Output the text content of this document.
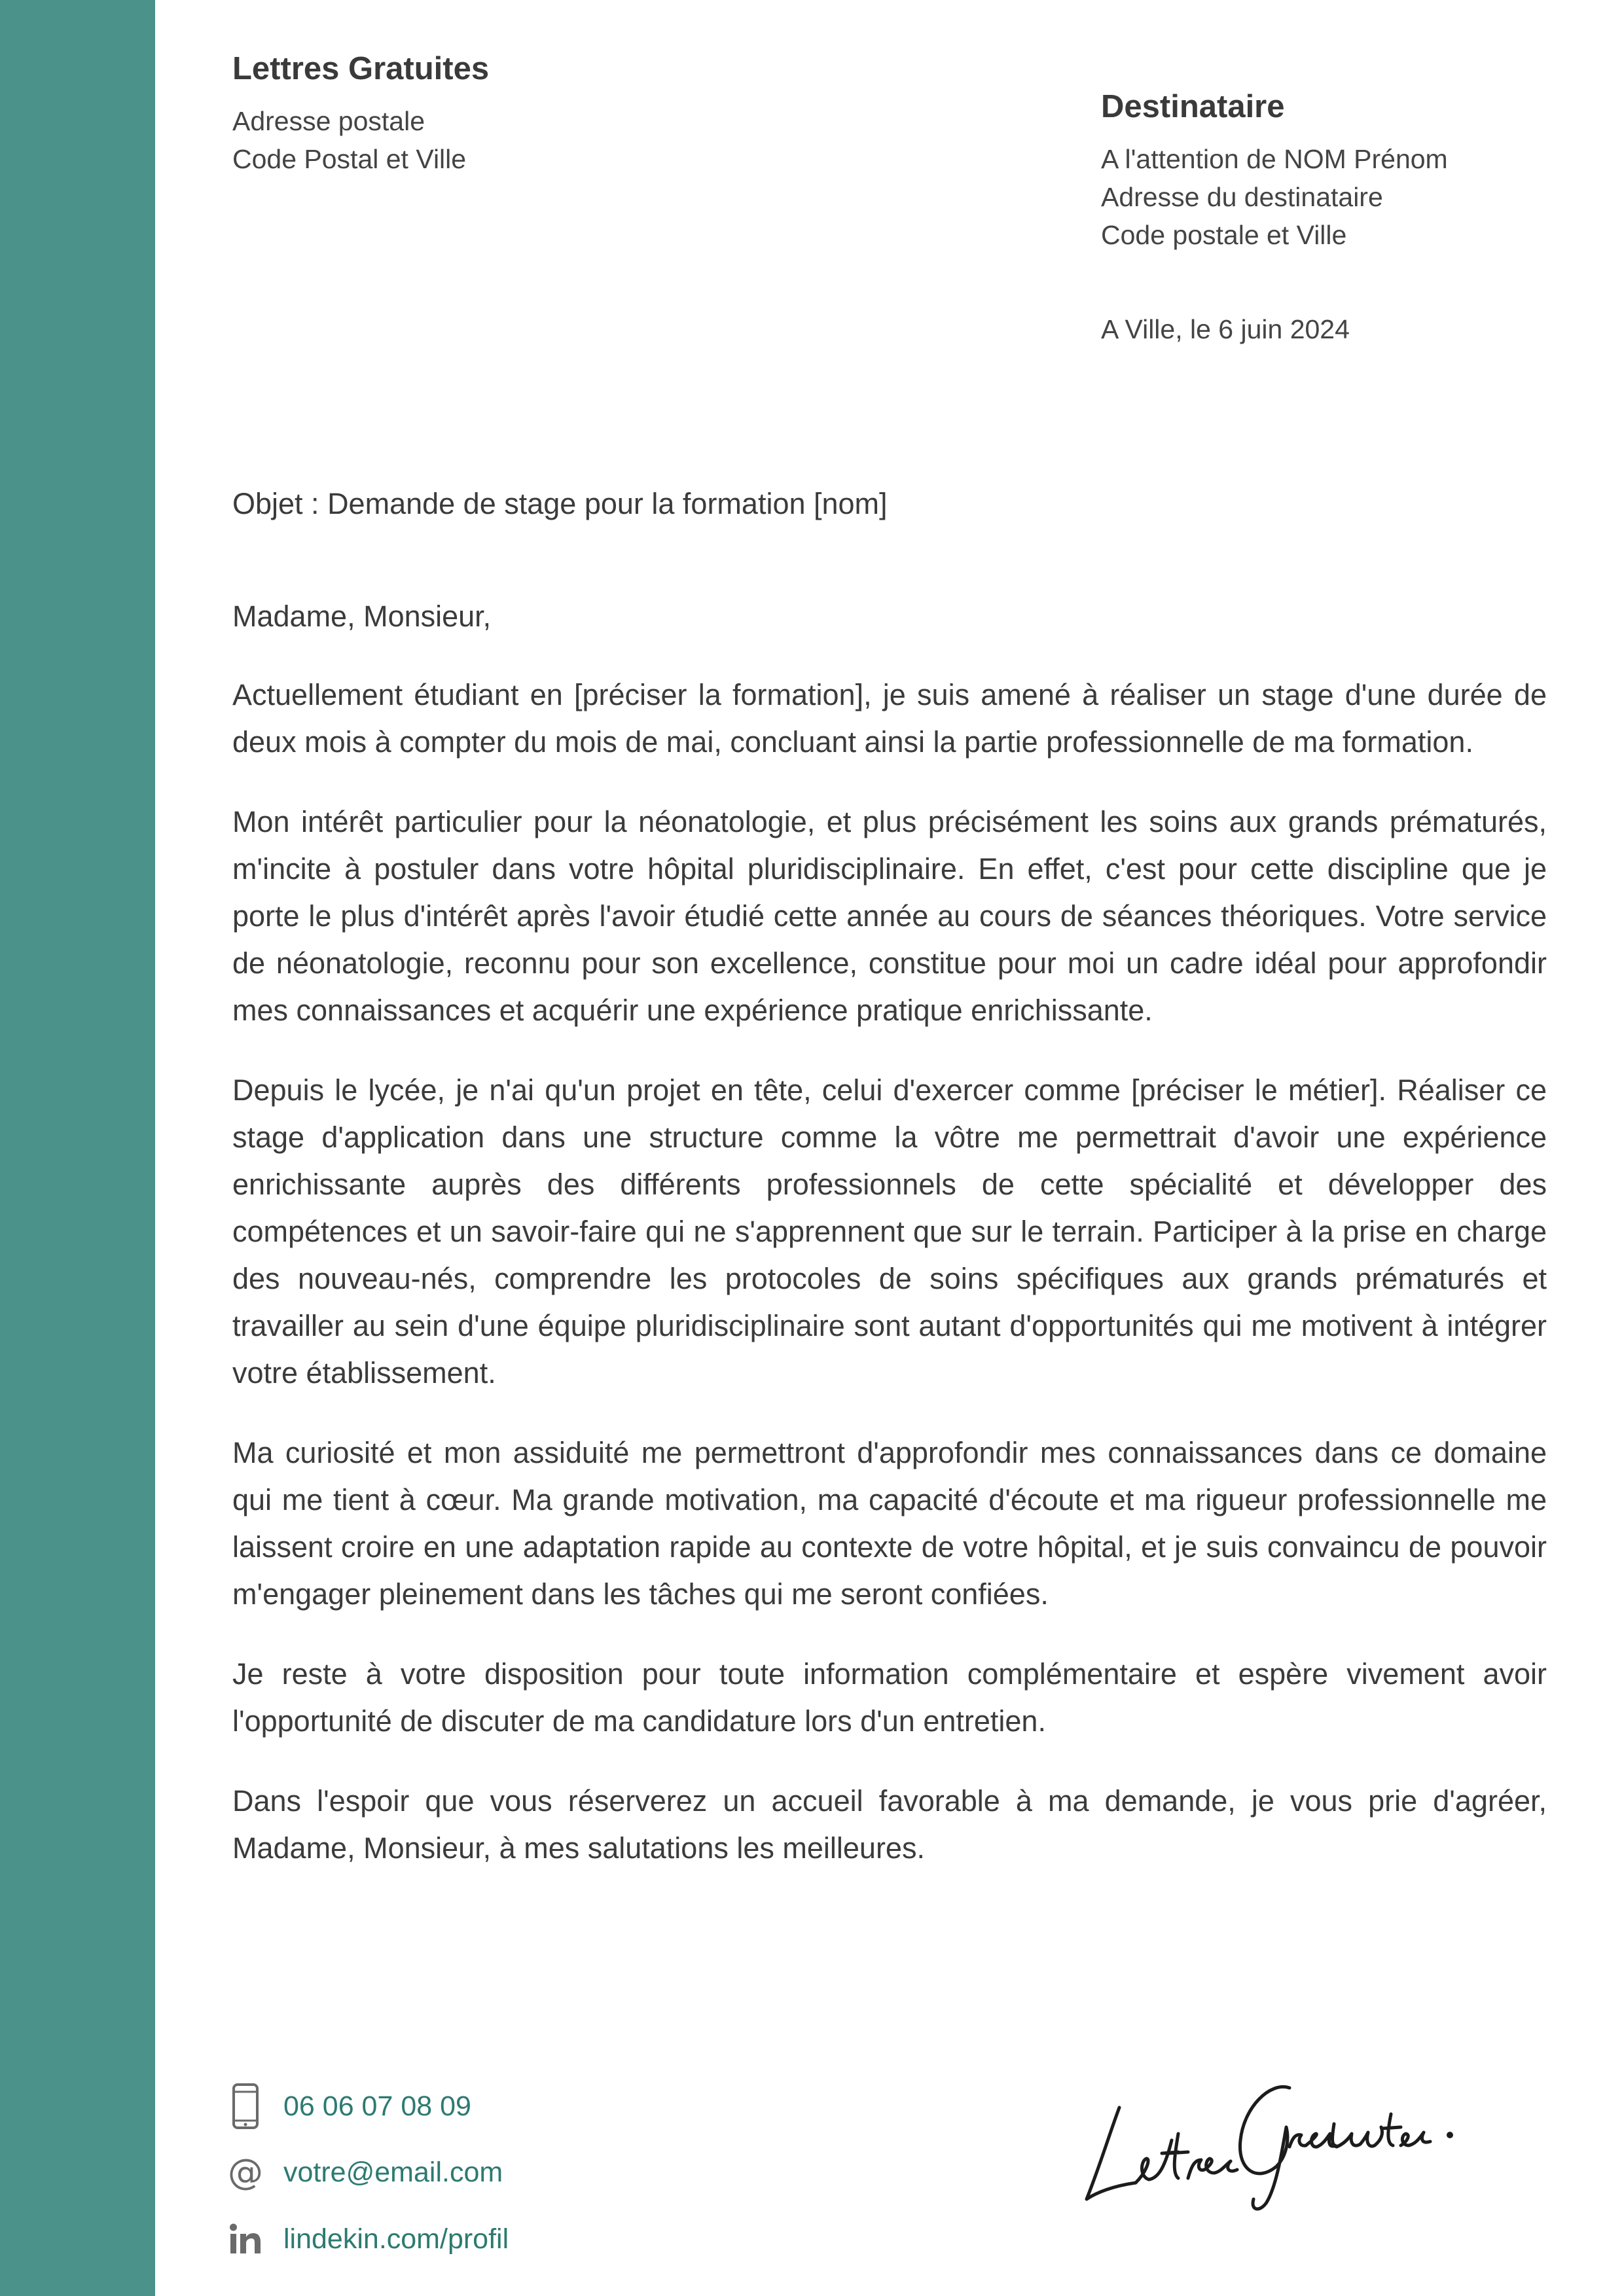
Lettres Gratuites
Adresse postale
Code Postal et Ville
Destinataire
A l'attention de NOM Prénom
Adresse du destinataire
Code postale et Ville
A Ville, le 6 juin 2024
Objet : Demande de stage pour la formation [nom]

Madame, Monsieur,

Actuellement étudiant en [préciser la formation], je suis amené à réaliser un stage d'une durée de deux mois à compter du mois de mai, concluant ainsi la partie professionnelle de ma formation.

Mon intérêt particulier pour la néonatologie, et plus précisément les soins aux grands prématurés, m'incite à postuler dans votre hôpital pluridisciplinaire. En effet, c'est pour cette discipline que je porte le plus d'intérêt après l'avoir étudié cette année au cours de séances théoriques. Votre service de néonatologie, reconnu pour son excellence, constitue pour moi un cadre idéal pour approfondir mes connaissances et acquérir une expérience pratique enrichissante.

Depuis le lycée, je n'ai qu'un projet en tête, celui d'exercer comme [préciser le métier]. Réaliser ce stage d'application dans une structure comme la vôtre me permettrait d'avoir une expérience enrichissante auprès des différents professionnels de cette spécialité et développer des compétences et un savoir-faire qui ne s'apprennent que sur le terrain. Participer à la prise en charge des nouveau-nés, comprendre les protocoles de soins spécifiques aux grands prématurés et travailler au sein d'une équipe pluridisciplinaire sont autant d'opportunités qui me motivent à intégrer votre établissement.

Ma curiosité et mon assiduité me permettront d'approfondir mes connaissances dans ce domaine qui me tient à cœur. Ma grande motivation, ma capacité d'écoute et ma rigueur professionnelle me laissent croire en une adaptation rapide au contexte de votre hôpital, et je suis convaincu de pouvoir m'engager pleinement dans les tâches qui me seront confiées.

Je reste à votre disposition pour toute information complémentaire et espère vivement avoir l'opportunité de discuter de ma candidature lors d'un entretien.

Dans l'espoir que vous réserverez un accueil favorable à ma demande, je vous prie d'agréer, Madame, Monsieur, à mes salutations les meilleures.

06 06 07 08 09
@ votre@email.com
lindekin.com/profil
